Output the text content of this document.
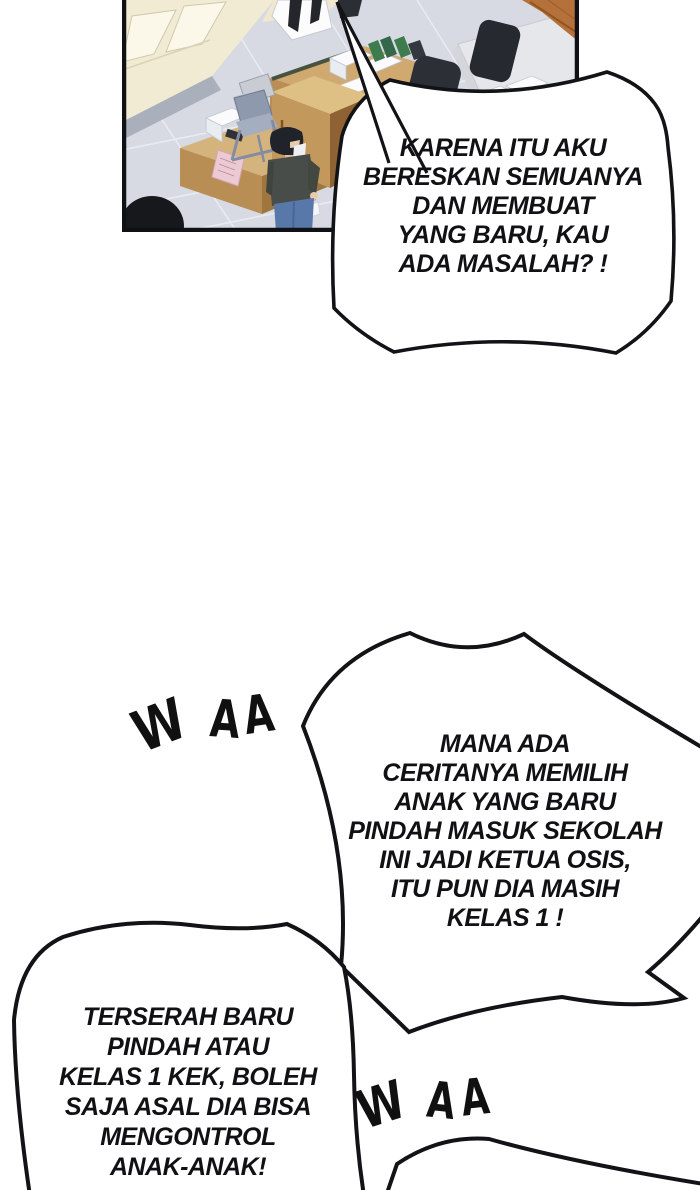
KARENA ITU AKU
BERESKAN SEMUANYA
DAN MEMBUAT
YANG BARU, KAU
ADA MASALAH? !
MANA ADA
CERITANYA MEMILIH
ANAK YANG BARU
PINDAH MASUK SEKOLAH
INI JADI KETUA OSIS,
ITU PUN DIA MASIH
KELAS 1 !
TERSERAH BARU
PINDAH ATAU
KELAS 1 KEK, BOLEH
SAJA ASAL DIA BISA
MENGONTROL
ANAK-ANAK!
W A
A
W A A
